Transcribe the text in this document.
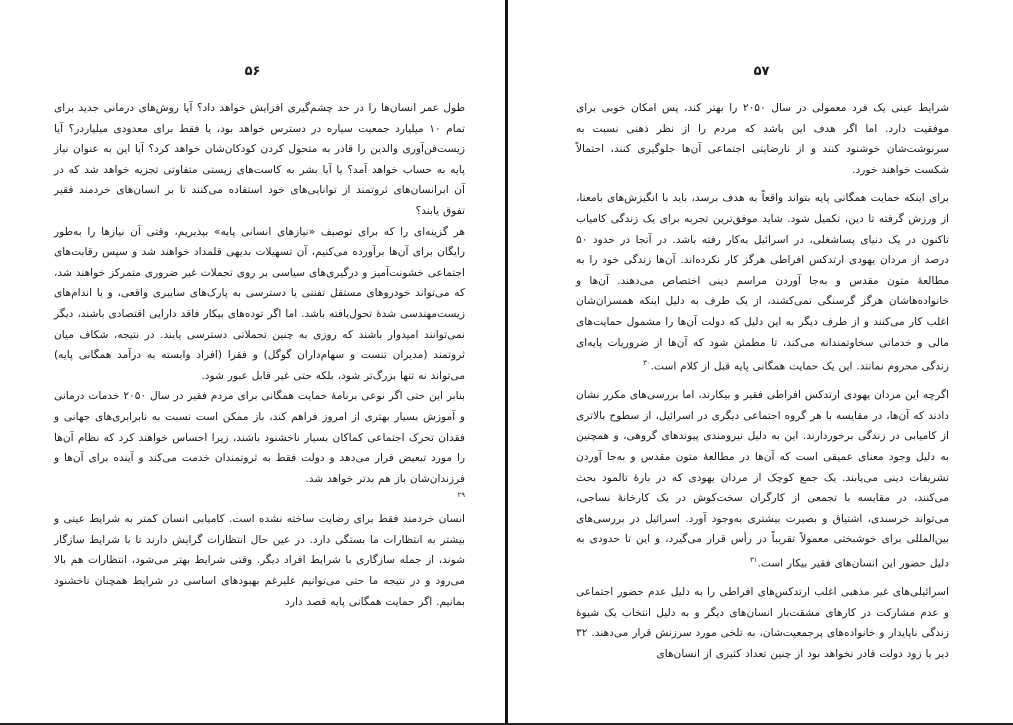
۵۶

طول عمر انسان‌ها را در حد چشم‌گیری افزایش خواهد داد؟ آیا روش‌های درمانی جدید برای تمام ۱۰ میلیارد جمعیت سیاره در دسترس خواهد بود، یا فقط برای معدودی میلیاردر؟ آیا زیست‌فن‌آوری والدین را قادر به متحول کردن کودکان‌شان خواهد کرد؟ آیا این به عنوان نیاز پایه به حساب خواهد آمد؟ یا آیا بشر به کاست‌های زیستی متفاوتی تجزیه خواهد شد که در آن ابرانسان‌های ثروتمند از توانایی‌های خود استفاده می‌کنند تا بر انسان‌های خردمند فقیر تفوق یابند؟

هر گزینه‌ای را که برای توصیف «نیازهای انسانی پایه» بپذیریم، وقتی آن نیازها را به‌طور رایگان برای آن‌ها برآورده می‌کنیم، آن تسهیلات بدیهی قلمداد خواهند شد و سپس رقابت‌های اجتماعی خشونت‌آمیز و درگیری‌های سیاسی بر روی تجملات غیر ضروری متمرکز خواهند شد، که می‌تواند خودروهای مستقل تفننی یا دسترسی به پارک‌های سایبری واقعی، و یا اندام‌های زیست‌مهندسی شدهٔ تحول‌یافته باشد. اما اگر توده‌های بیکار فاقد دارایی اقتصادی باشند، دیگر نمی‌توانند امیدوار باشند که روزی به چنین تجملاتی دسترسی یابند. در نتیجه، شکاف میان ثروتمند (مدیران تنست و سهام‌داران گوگل) و فقرا (افراد وابسته به درآمد همگانی پایه) می‌تواند نه تنها بزرگ‌تر شود، بلکه حتی غیر قابل عبور شود.

بنابر این حتی اگر نوعی برنامهٔ حمایت همگانی برای مردم فقیر در سال ۲۰۵۰ خدمات درمانی و آموزش بسیار بهتری از امروز فراهم کند، باز ممکن است نسبت به نابرابری‌های جهانی و فقدان تحرک اجتماعی کماکان بسیار ناخشنود باشند، زیرا احساس خواهند کرد که نظام آن‌ها را مورد تبعیض قرار می‌دهد و دولت فقط به ثروتمندان خدمت می‌کند و آینده برای آن‌ها و فرزندان‌شان باز هم بدتر خواهد شد.

۲۹

انسان خردمند فقط برای رضایت ساخته نشده است. کامیابی انسان کمتر به شرایط عینی و بیشتر به انتظارات ما بستگی دارد. در عین حال انتظارات گرایش دارند تا با شرایط سازگار شوند، از جمله سازگاری با شرایط افراد دیگر. وقتی شرایط بهتر می‌شود، انتظارات هم بالا می‌رود و در نتیجه ما حتی می‌توانیم علیرغم بهبودهای اساسی در شرایط همچنان ناخشنود بمانیم. اگر حمایت همگانی پایه قصد دارد

۵۷

شرایط عینی یک فرد معمولی در سال ۲۰۵۰ را بهتر کند، پس امکان خوبی برای موفقیت دارد. اما اگر هدف این باشد که مردم را از نظر ذهنی نسبت به سرنوشت‌شان خوشنود کنند و از نارضایتی اجتماعی آن‌ها جلوگیری کنند، احتمالاً شکست خواهند خورد.

برای اینکه حمایت همگانی پایه بتواند واقعاً به هدف برسد، باید با انگیزش‌های بامعنا، از ورزش گرفته تا دین، تکمیل شود. شاید موفق‌ترین تجربه برای یک زندگی کامیاب تاکنون در یک دنیای پساشغلی، در اسرائیل به‌کار رفته باشد. در آنجا در حدود ۵۰ درصد از مردان یهودی ارتدکس افراطی هرگز کار نکرده‌اند. آن‌ها زندگی خود را به مطالعهٔ متون مقدس و به‌جا آوردن مراسم دینی اختصاص می‌دهند. آن‌ها و خانواده‌هاشان هرگز گرسنگی نمی‌کشند، از یک طرف به دلیل اینکه همسران‌شان اغلب کار می‌کنند و از طرف دیگر به این دلیل که دولت آن‌ها را مشمول حمایت‌های مالی و خدماتی سخاوتمندانه می‌کند، تا مطمئن شود که آن‌ها از ضروریات پایه‌ای زندگی محروم نمانند. این یک حمایت همگانی پایه قبل از کلام است.$^{۳۰}$

اگرچه این مردان یهودی ارتدکس افراطی فقیر و بیکارند، اما بررسی‌های مکرر نشان دادند که آن‌ها، در مقایسه با هر گروه اجتماعی دیگری در اسرائیل، از سطوح بالاتری از کامیابی در زندگی برخوردارند. این به دلیل نیرومندی پیوندهای گروهی، و همچنین به دلیل وجود معنای عمیقی است که آن‌ها در مطالعهٔ متون مقدس و به‌جا آوردن تشریفات دینی می‌یابند. یک جمع کوچک از مردان یهودی که در بارهٔ تالمود بحث می‌کنند، در مقایسه با تجمعی از کارگران سخت‌کوش در یک کارخانهٔ نساجی، می‌تواند خرسندی، اشتیاق و بصیرت بیشتری به‌وجود آورد. اسرائیل در بررسی‌های بین‌المللی برای خوشبختی معمولاً تقریباً در رأس قرار می‌گیرد، و این تا حدودی به دلیل حضور این انسان‌های فقیر بیکار است.$^{۳۱}$

اسرائیلی‌های غیر مذهبی اغلب ارتدکس‌های افراطی را به دلیل عدم حضور اجتماعی و عدم مشارکت در کارهای مشقت‌بار انسان‌های دیگر و به دلیل انتخاب یک شیوهٔ زندگی ناپایدار و خانواده‌های پرجمعیت‌شان، به تلخی مورد سرزنش قرار می‌دهند. ۳۲ دیر یا زود دولت قادر نخواهد بود از چنین تعداد کثیری از انسان‌های
